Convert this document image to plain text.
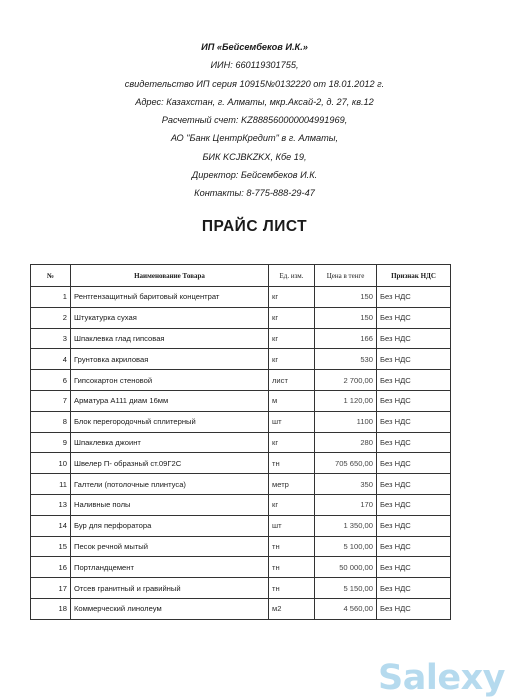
ИП «Бейсембеков И.К.»
ИИН: 660119301755,
свидетельство ИП серия 10915№0132220 от 18.01.2012 г.
Адрес: Казахстан, г. Алматы, мкр.Аксай-2, д. 27, кв.12
Расчетный счет: KZ888560000004991969,
АО "Банк ЦентрКредит" в г. Алматы,
БИК KCJBKZKX, Кбе 19,
Директор: Бейсембеков И.К.
Контакты: 8-775-888-29-47
ПРАЙС ЛИСТ
№	Наименование Товара	Ед. изм.	Цена в тенге	Признак НДС
1	Рентгензащитный баритовый концентрат	кг	150	Без НДС
2	Штукатурка сухая	кг	150	Без НДС
3	Шпаклевка глад гипсовая	кг	166	Без НДС
4	Грунтовка акриловая	кг	530	Без НДС
6	Гипсокартон стеновой	лист	2 700,00	Без НДС
7	Арматура А111 диам 16мм	м	1 120,00	Без НДС
8	Блок перегородочный сплитерный	шт	1100	Без НДС
9	Шпаклевка джоинт	кг	280	Без НДС
10	Швелер П- образный ст.09Г2С	тн	705 650,00	Без НДС
11	Галтели (потолочные плинтуса)	метр	350	Без НДС
13	Наливные полы	кг	170	Без НДС
14	Бур для перфоратора	шт	1 350,00	Без НДС
15	Песок речной мытый	тн	5 100,00	Без НДС
16	Портландцемент	тн	50 000,00	Без НДС
17	Отсев гранитный и гравийный	тн	5 150,00	Без НДС
18	Коммерческий линолеум	м2	4 560,00	Без НДС
Salexy
